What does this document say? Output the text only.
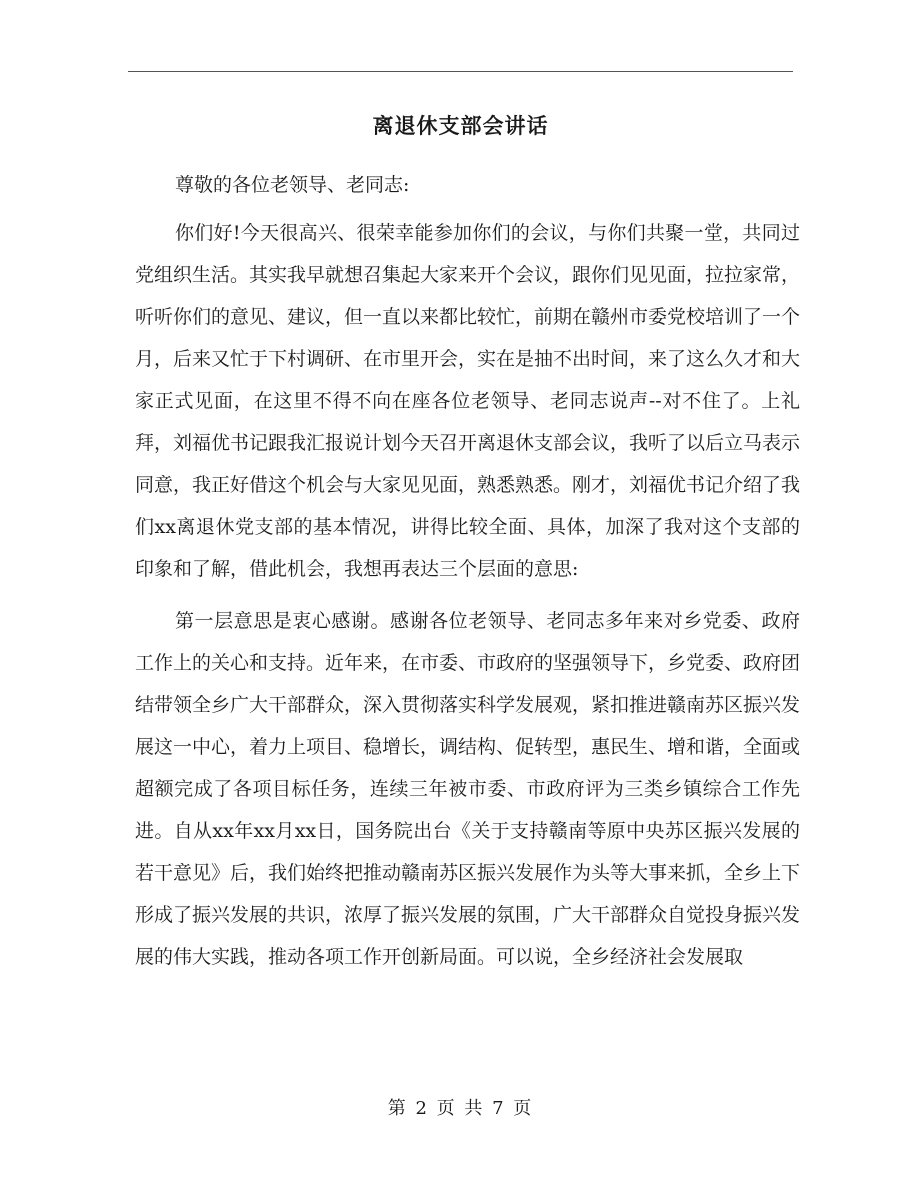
离退休支部会讲话

尊敬的各位老领导、老同志:

你们好!今天很高兴、很荣幸能参加你们的会议，与你们共聚一堂，共同过党组织生活。其实我早就想召集起大家来开个会议，跟你们见见面，拉拉家常，听听你们的意见、建议，但一直以来都比较忙，前期在赣州市委党校培训了一个月，后来又忙于下村调研、在市里开会，实在是抽不出时间，来了这么久才和大家正式见面，在这里不得不向在座各位老领导、老同志说声--对不住了。上礼拜，刘福优书记跟我汇报说计划今天召开离退休支部会议，我听了以后立马表示同意，我正好借这个机会与大家见见面，熟悉熟悉。刚才，刘福优书记介绍了我们xx离退休党支部的基本情况，讲得比较全面、具体，加深了我对这个支部的印象和了解，借此机会，我想再表达三个层面的意思:

第一层意思是衷心感谢。感谢各位老领导、老同志多年来对乡党委、政府工作上的关心和支持。近年来，在市委、市政府的坚强领导下，乡党委、政府团结带领全乡广大干部群众，深入贯彻落实科学发展观，紧扣推进赣南苏区振兴发展这一中心，着力上项目、稳增长，调结构、促转型，惠民生、增和谐，全面或超额完成了各项目标任务，连续三年被市委、市政府评为三类乡镇综合工作先进。自从xx年xx月xx日，国务院出台《关于支持赣南等原中央苏区振兴发展的若干意见》后，我们始终把推动赣南苏区振兴发展作为头等大事来抓，全乡上下形成了振兴发展的共识，浓厚了振兴发展的氛围，广大干部群众自觉投身振兴发展的伟大实践，推动各项工作开创新局面。可以说，全乡经济社会发展取

第 2 页 共 7 页
